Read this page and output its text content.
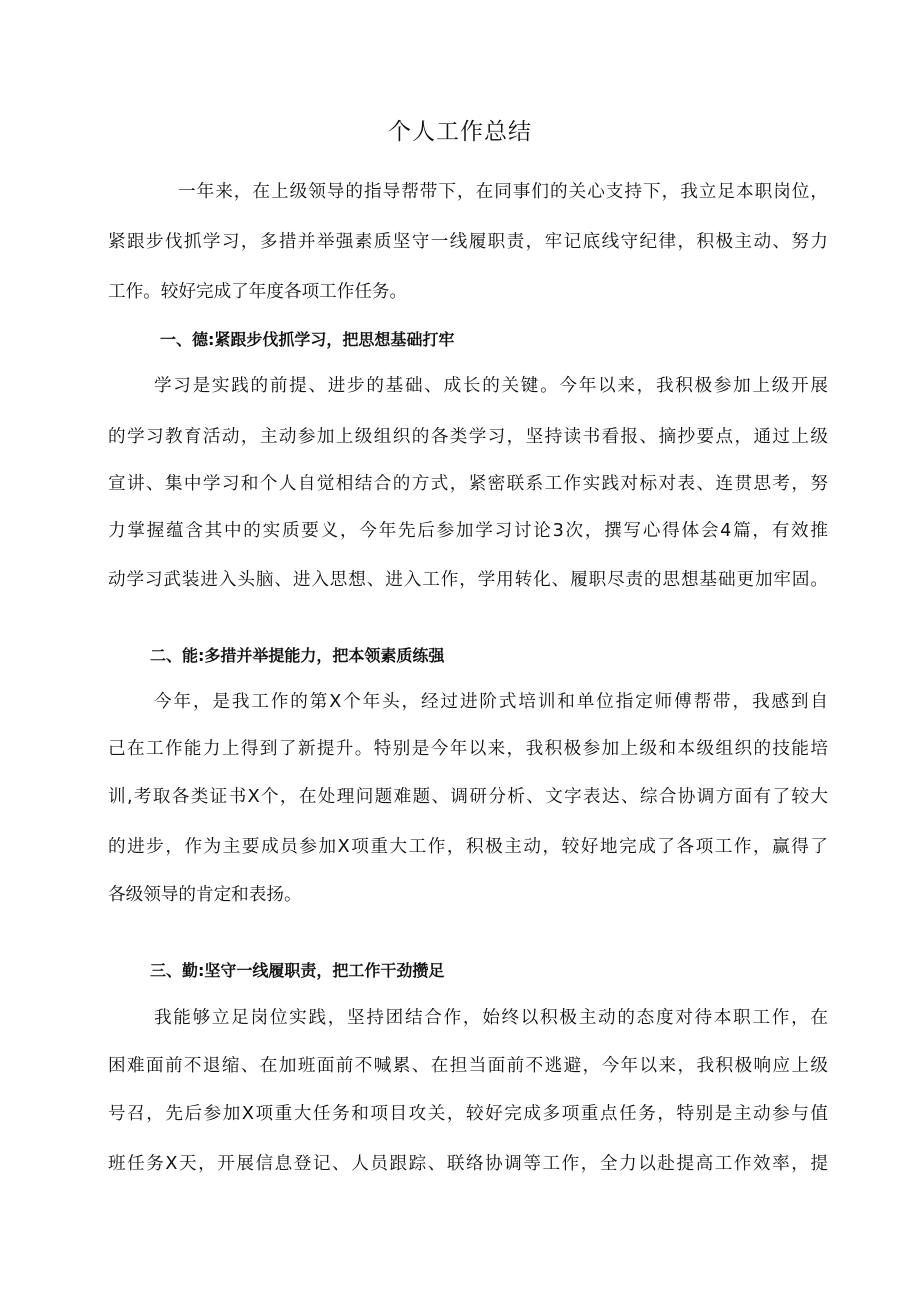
个人工作总结
一年来，在上级领导的指导帮带下，在同事们的关心支持下，我立足本职岗位，
紧跟步伐抓学习，多措并举强素质坚守一线履职责，牢记底线守纪律，积极主动、努力
工作。较好完成了年度各项工作任务。
一、德:紧跟步伐抓学习，把思想基础打牢
学习是实践的前提、进步的基础、成长的关键。今年以来，我积极参加上级开展
的学习教育活动，主动参加上级组织的各类学习，坚持读书看报、摘抄要点，通过上级
宣讲、集中学习和个人自觉相结合的方式，紧密联系工作实践对标对表、连贯思考，努
力掌握蕴含其中的实质要义，今年先后参加学习讨论3次，撰写心得体会4篇，有效推
动学习武装进入头脑、进入思想、进入工作，学用转化、履职尽责的思想基础更加牢固。
二、能:多措并举提能力，把本领素质练强
今年，是我工作的第X个年头，经过进阶式培训和单位指定师傅帮带，我感到自
己在工作能力上得到了新提升。特别是今年以来，我积极参加上级和本级组织的技能培
训,考取各类证书X个，在处理问题难题、调研分析、文字表达、综合协调方面有了较大
的进步，作为主要成员参加X项重大工作，积极主动，较好地完成了各项工作，赢得了
各级领导的肯定和表扬。
三、勤:坚守一线履职责，把工作干劲攒足
我能够立足岗位实践，坚持团结合作，始终以积极主动的态度对待本职工作，在
困难面前不退缩、在加班面前不喊累、在担当面前不逃避，今年以来，我积极响应上级
号召，先后参加X项重大任务和项目攻关，较好完成多项重点任务，特别是主动参与值
班任务X天，开展信息登记、人员跟踪、联络协调等工作，全力以赴提高工作效率，提
